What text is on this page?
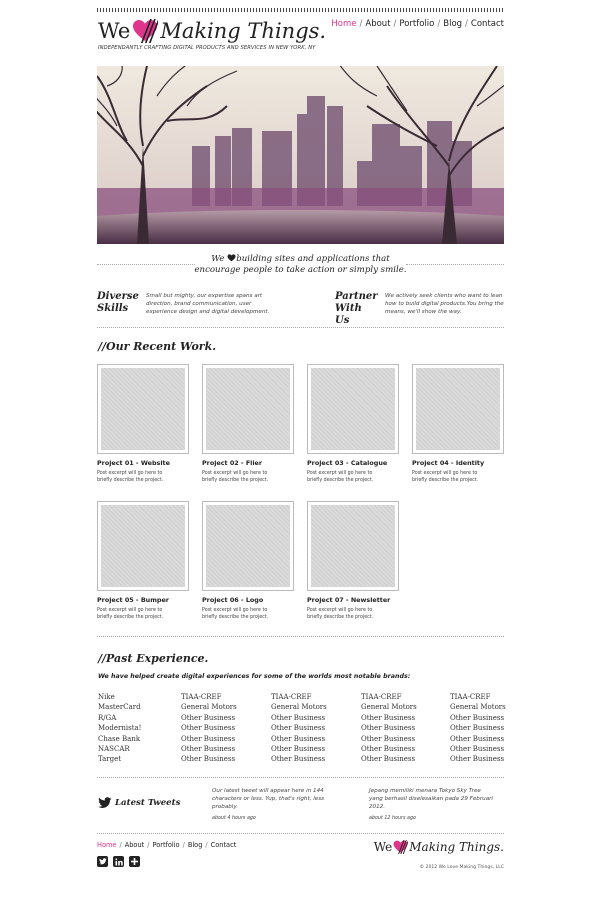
We Making Things.
INDEPENDANTLY CRAFTING DIGITAL PRODUCTS AND SERVICES IN NEW YORK, NY
Home / About / Portfolio / Blog / Contact
We building sites and applications that
encourage people to take action or simply smile.
Diverse
Skills
Small but mighty, our expertise spans art direction, brand communication, user experience design and digital development.
Partner
With Us
We actively seek clients who want to lean how to build digital products.You bring the means, we'll show the way.
//Our Recent Work.
Project 01 - Website
Post excerpt will go here to briefly describe the project.
Project 02 - Flier
Post excerpt will go here to briefly describe the project.
Project 03 - Catalogue
Post excerpt will go here to briefly describe the project.
Project 04 - Identity
Post excerpt will go here to briefly describe the project.
Project 05 - Bumper
Post excerpt will go here to briefly describe the project.
Project 06 - Logo
Post excerpt will go here to briefly describe the project.
Project 07 - Newsletter
Post excerpt will go here to briefly describe the project.
//Past Experience.
We have helped create digital experiences for some of the worlds most notable brands:
Nike
MasterCard
R/GA
Modernista!
Chase Bank
NASCAR
Target
TIAA-CREF
General Motors
Other Business
Other Business
Other Business
Other Business
Other Business
TIAA-CREF
General Motors
Other Business
Other Business
Other Business
Other Business
Other Business
TIAA-CREF
General Motors
Other Business
Other Business
Other Business
Other Business
Other Business
TIAA-CREF
General Motors
Other Business
Other Business
Other Business
Other Business
Other Business
Latest Tweets
Our latest tweet will appear here in 144 characters or less. Yup, that's right, less probably.
about 4 hours ago
Jepang memiliki menara Tokyo Sky Tree yang berhasil diselesaikan pada 29 Februari 2012.
about 12 hours ago
Home / About / Portfolio / Blog / Contact	We Making Things.
© 2012 We Love Making Things, LLC
